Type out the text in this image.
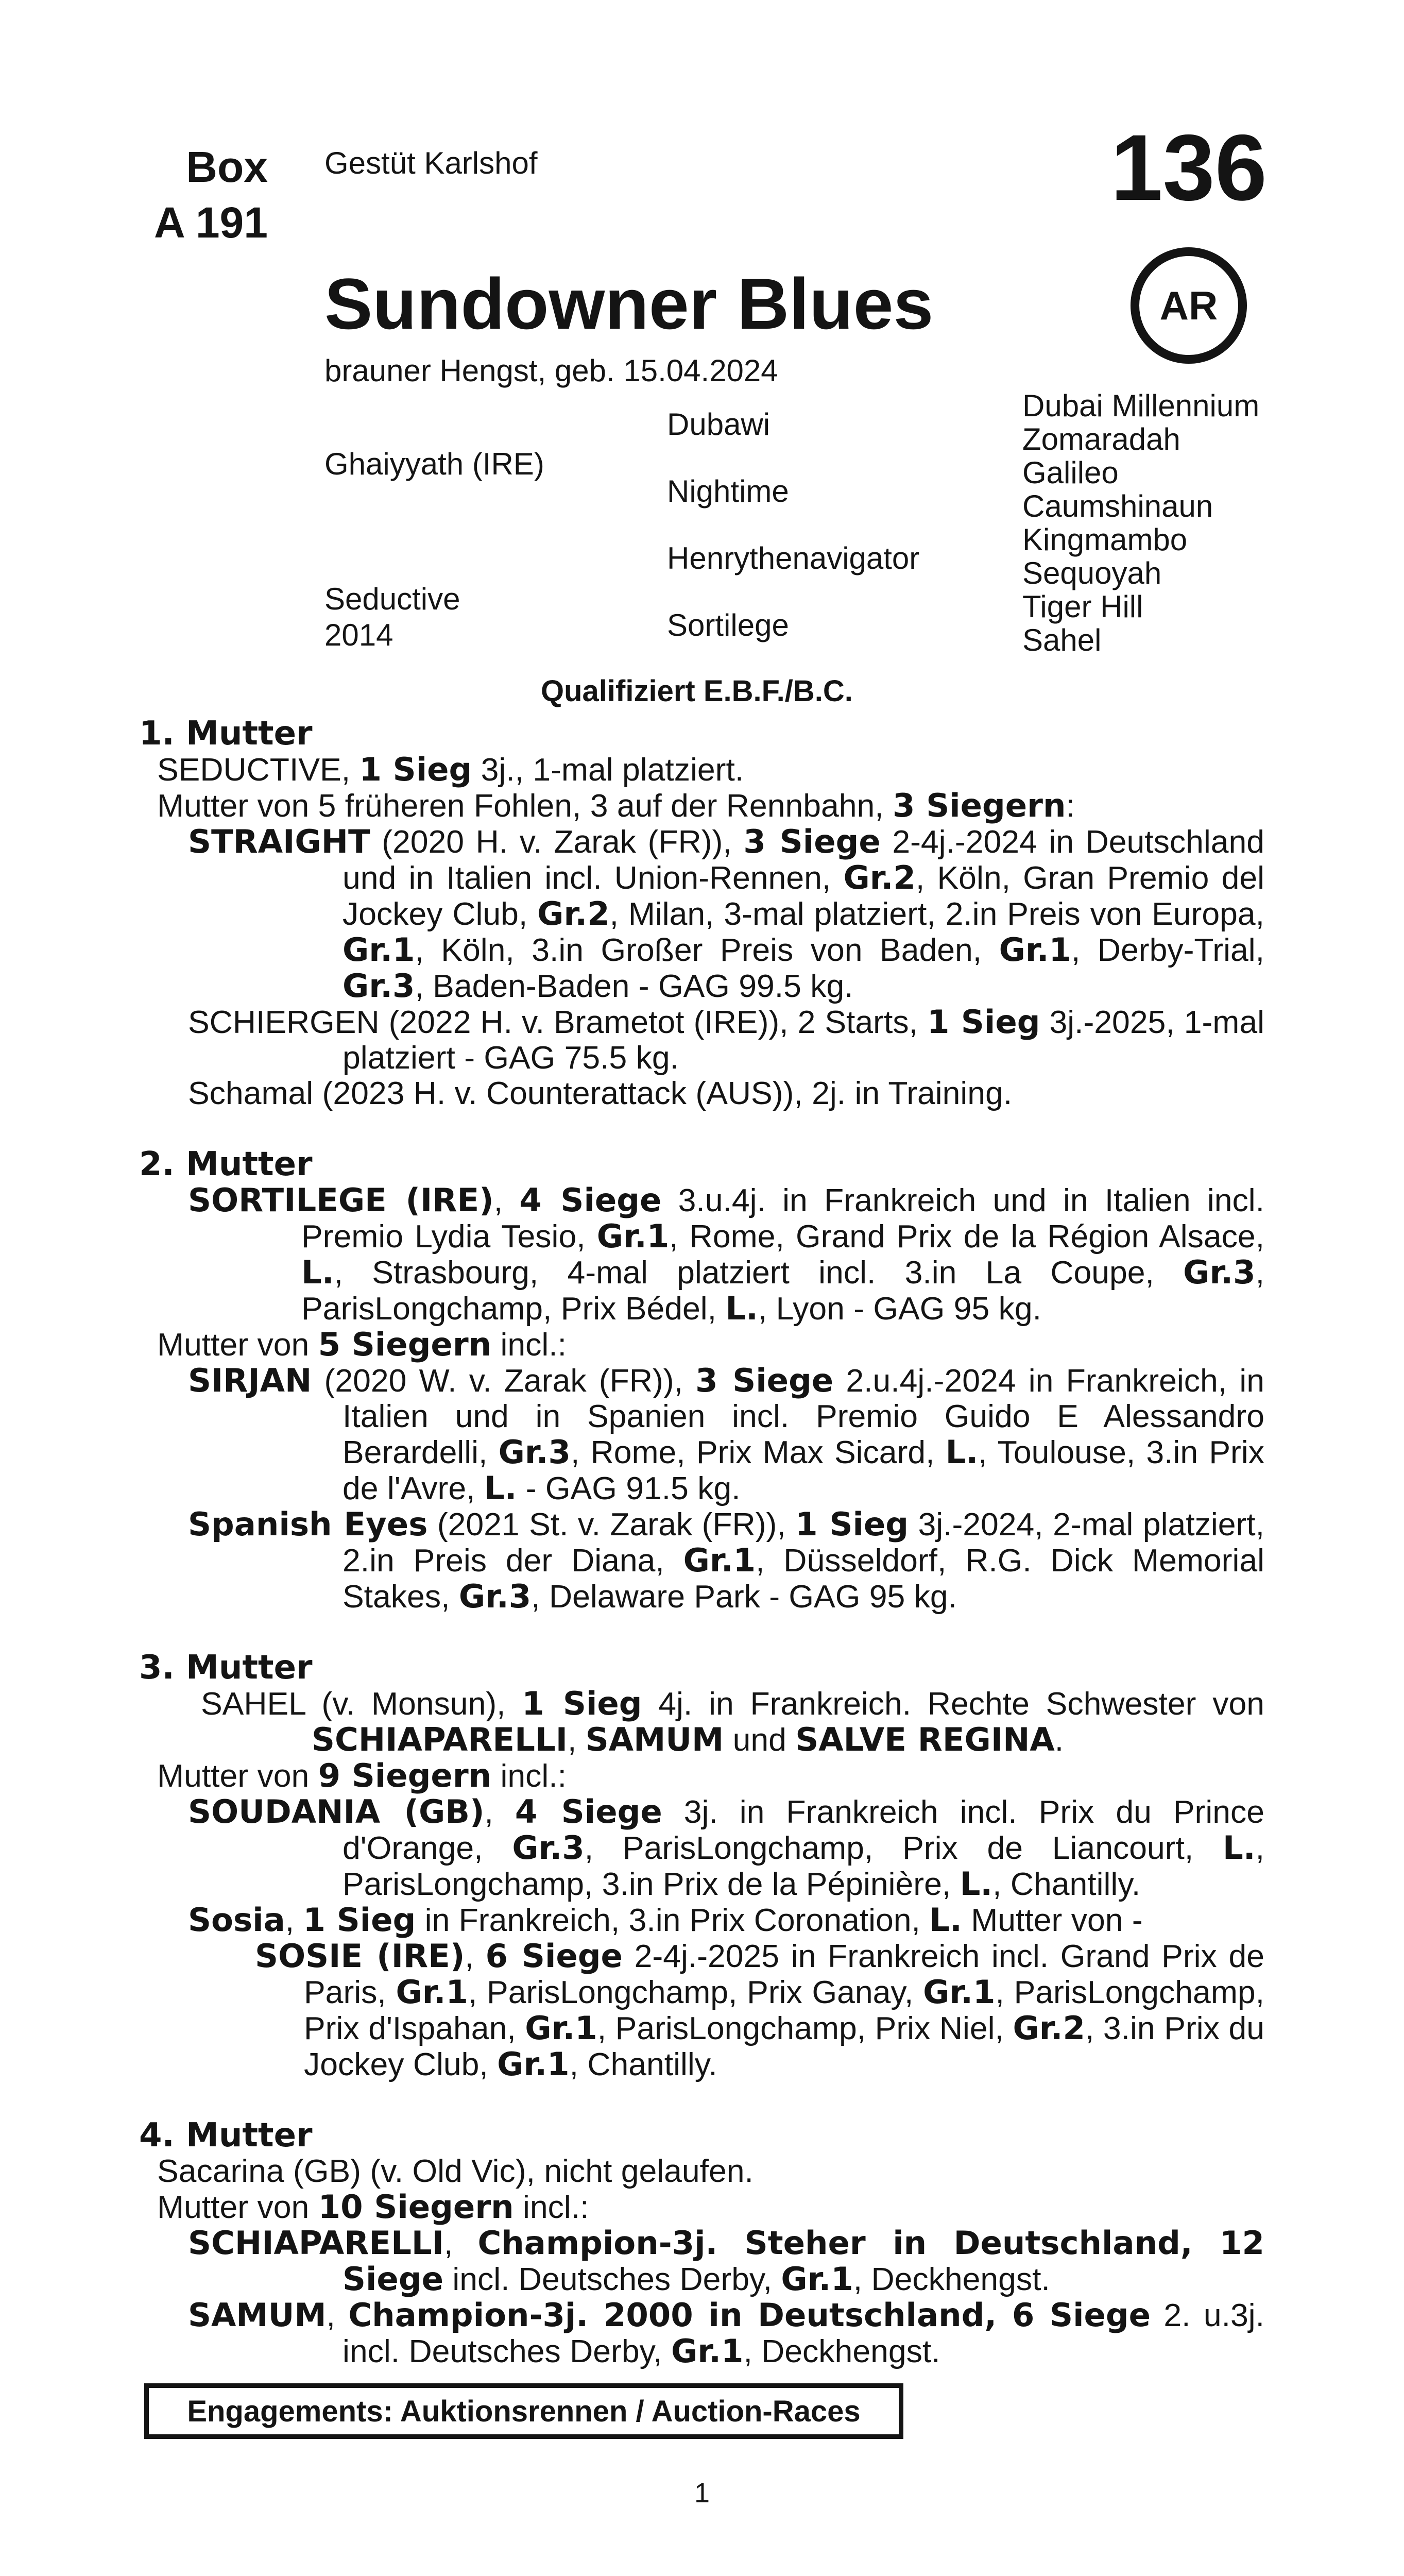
Box
A 191
Gestüt Karlshof	136
AR
Sundowner Blues
brauner Hengst, geb. 15.04.2024
Ghaiyyath (IRE)
Seductive
2014
Dubawi
Nightime
Henrythenavigator
Sortilege
Dubai Millennium
Zomaradah
Galileo
Caumshinaun
Kingmambo
Sequoyah
Tiger Hill
Sahel
Qualifiziert E.B.F./B.C.
1. Mutter
SEDUCTIVE, 1 Sieg 3j., 1-mal platziert.
Mutter von 5 früheren Fohlen, 3 auf der Rennbahn, 3 Siegern:
STRAIGHT (2020 H. v. Zarak (FR)), 3 Siege 2-4j.-2024 in Deutschland und in Italien incl. Union-Rennen, Gr.2, Köln, Gran Premio del Jockey Club, Gr.2, Milan, 3-mal platziert, 2.in Preis von Europa, Gr.1, Köln, 3.in Großer Preis von Baden, Gr.1, Derby-Trial, Gr.3, Baden-Baden - GAG 99.5 kg.
SCHIERGEN (2022 H. v. Brametot (IRE)), 2 Starts, 1 Sieg 3j.-2025, 1-mal platziert - GAG 75.5 kg.
Schamal (2023 H. v. Counterattack (AUS)), 2j. in Training.
2. Mutter
SORTILEGE (IRE), 4 Siege 3.u.4j. in Frankreich und in Italien incl. Premio Lydia Tesio, Gr.1, Rome, Grand Prix de la Région Alsace, L., Strasbourg, 4-mal platziert incl. 3.in La Coupe, Gr.3, ParisLongchamp, Prix Bédel, L., Lyon - GAG 95 kg.
Mutter von 5 Siegern incl.:
SIRJAN (2020 W. v. Zarak (FR)), 3 Siege 2.u.4j.-2024 in Frankreich, in Italien und in Spanien incl. Premio Guido E Alessandro Berardelli, Gr.3, Rome, Prix Max Sicard, L., Toulouse, 3.in Prix de l'Avre, L. - GAG 91.5 kg.
Spanish Eyes (2021 St. v. Zarak (FR)), 1 Sieg 3j.-2024, 2-mal platziert, 2.in Preis der Diana, Gr.1, Düsseldorf, R.G. Dick Memorial Stakes, Gr.3, Delaware Park - GAG 95 kg.
3. Mutter
SAHEL (v. Monsun), 1 Sieg 4j. in Frankreich. Rechte Schwester von SCHIAPARELLI, SAMUM und SALVE REGINA.
Mutter von 9 Siegern incl.:
SOUDANIA (GB), 4 Siege 3j. in Frankreich incl. Prix du Prince d'Orange, Gr.3, ParisLongchamp, Prix de Liancourt, L., ParisLongchamp, 3.in Prix de la Pépinière, L., Chantilly.
Sosia, 1 Sieg in Frankreich, 3.in Prix Coronation, L. Mutter von -
SOSIE (IRE), 6 Siege 2-4j.-2025 in Frankreich incl. Grand Prix de Paris, Gr.1, ParisLongchamp, Prix Ganay, Gr.1, ParisLongchamp, Prix d'Ispahan, Gr.1, ParisLongchamp, Prix Niel, Gr.2, 3.in Prix du Jockey Club, Gr.1, Chantilly.
4. Mutter
Sacarina (GB) (v. Old Vic), nicht gelaufen.
Mutter von 10 Siegern incl.:
SCHIAPARELLI, Champion-3j. Steher in Deutschland, 12 Siege incl. Deutsches Derby, Gr.1, Deckhengst.
SAMUM, Champion-3j. 2000 in Deutschland, 6 Siege 2. u.3j. incl. Deutsches Derby, Gr.1, Deckhengst.
Engagements: Auktionsrennen / Auction-Races
1
